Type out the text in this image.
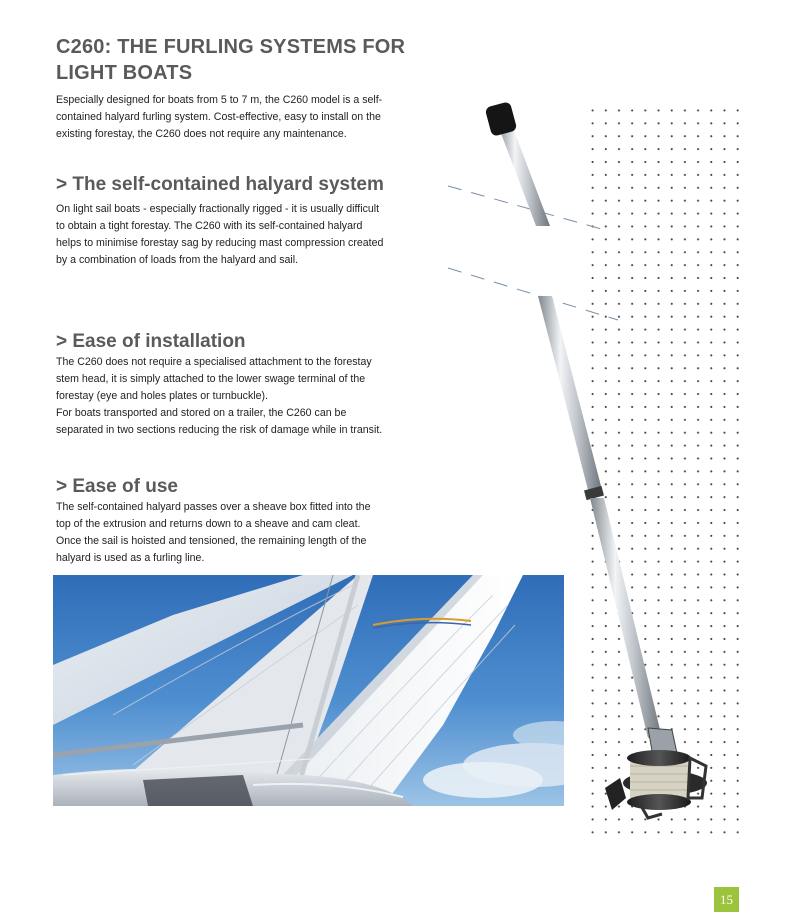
C260: THE FURLING SYSTEMS FOR
LIGHT BOATS

Especially designed for boats from 5 to 7 m, the C260 model is a self-contained halyard furling system. Cost-effective, easy to install on the existing forestay, the C260 does not require any maintenance.

> The self-contained halyard system

On light sail boats - especially fractionally rigged - it is usually difficult to obtain a tight forestay. The C260 with its self-contained halyard helps to minimise forestay sag by reducing mast compression created by a combination of loads from the halyard and sail.

> Ease of installation

The C260 does not require a specialised attachment to the forestay stem head, it is simply attached to the lower swage terminal of the forestay (eye and holes plates or turnbuckle).

For boats transported and stored on a trailer, the C260 can be separated in two sections reducing the risk of damage while in transit.

> Ease of use

The self-contained halyard passes over a sheave box fitted into the top of the extrusion and returns down to a sheave and cam cleat. Once the sail is hoisted and tensioned, the remaining length of the halyard is used as a furling line.

15
